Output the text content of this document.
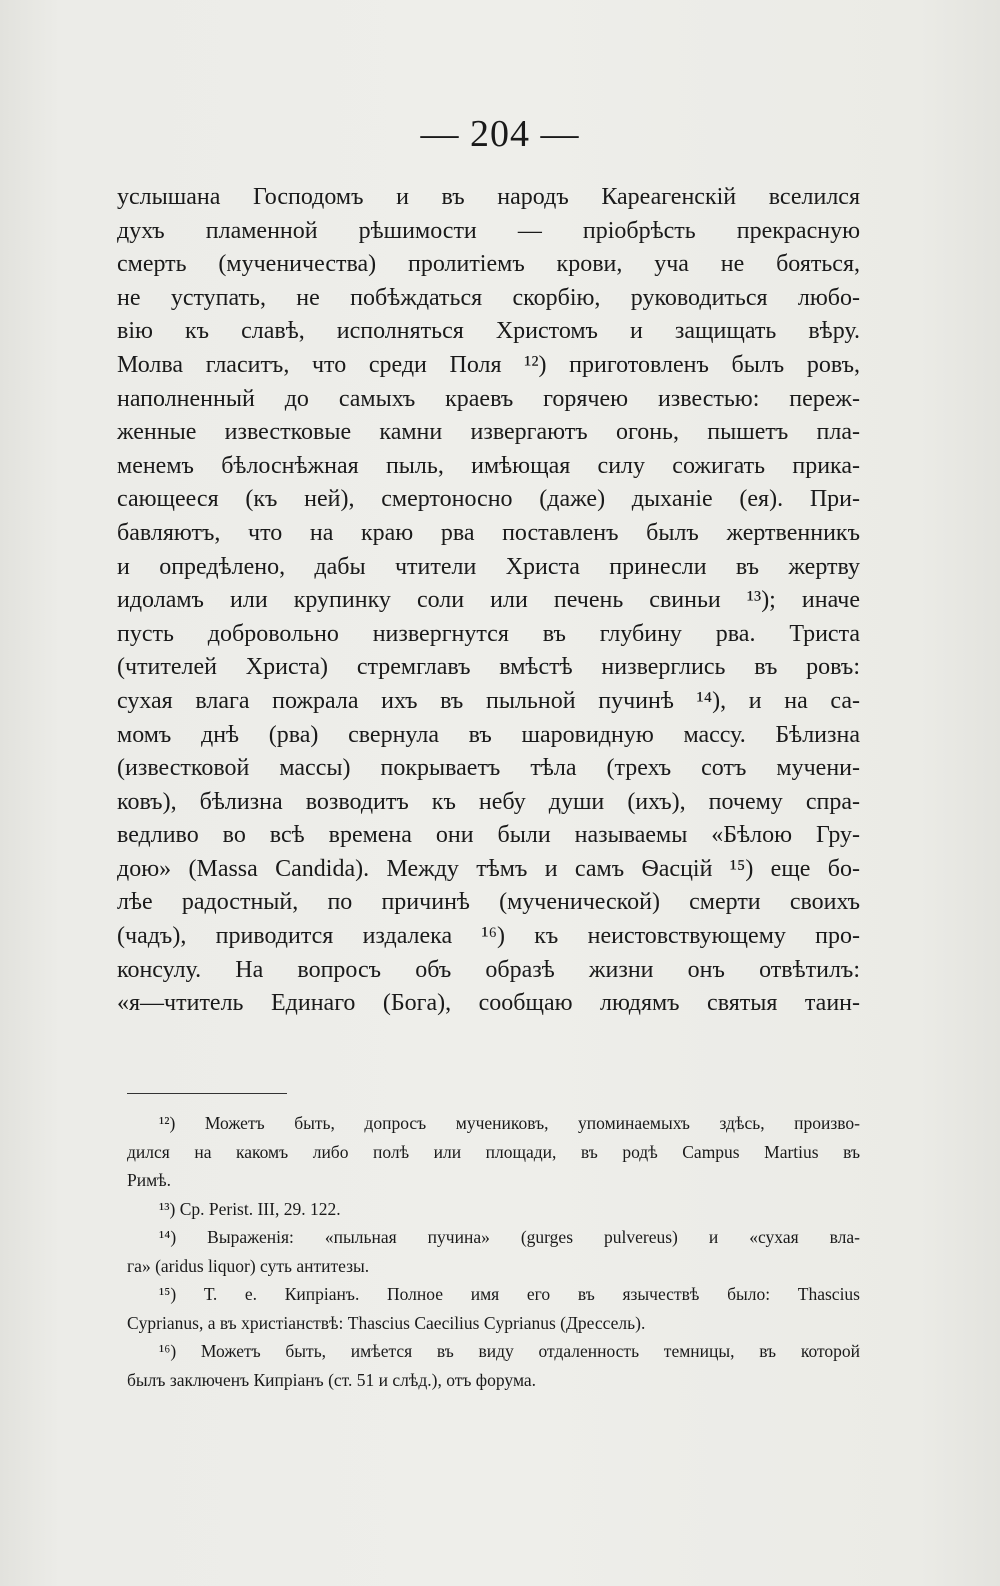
— 204 —
услышана Господомъ и въ народъ Кареагенскій вселился
духъ пламенной рѣшимости — пріобрѣсть прекрасную
смерть (мученичества) пролитіемъ крови, уча не бояться,
не уступать, не побѣждаться скорбію, руководиться любо-
вію къ славѣ, исполняться Христомъ и защищать вѣру.
Молва гласитъ, что среди Поля ¹²) приготовленъ былъ ровъ,
наполненный до самыхъ краевъ горячею известью: переж-
женные известковые камни извергаютъ огонь, пышетъ пла-
менемъ бѣлоснѣжная пыль, имѣющая силу сожигать прика-
сающееся (къ ней), смертоносно (даже) дыханіе (ея). При-
бавляютъ, что на краю рва поставленъ былъ жертвенникъ
и опредѣлено, дабы чтители Христа принесли въ жертву
идоламъ или крупинку соли или печень свиньи ¹³); иначе
пусть добровольно низвергнутся въ глубину рва. Триста
(чтителей Христа) стремглавъ вмѣстѣ низверглись въ ровъ:
сухая влага пожрала ихъ въ пыльной пучинѣ ¹⁴), и на са-
момъ днѣ (рва) свернула въ шаровидную массу. Бѣлизна
(известковой массы) покрываетъ тѣла (трехъ сотъ мучени-
ковъ), бѣлизна возводитъ къ небу души (ихъ), почему спра-
ведливо во всѣ времена они были называемы «Бѣлою Гру-
дою» (Massa Candida). Между тѣмъ и самъ Ѳасцій ¹⁵) еще бо-
лѣе радостный, по причинѣ (мученической) смерти своихъ
(чадъ), приводится издалека ¹⁶) къ неистовствующему про-
консулу. На вопросъ объ образѣ жизни онъ отвѣтилъ:
«я—чтитель Единаго (Бога), сообщаю людямъ святыя таин-
¹²) Можетъ быть, допросъ мучениковъ, упоминаемыхъ здѣсь, произво-
дился на какомъ либо полѣ или площади, въ родѣ Campus Martius въ
Римѣ.
¹³) Ср. Perist. III, 29. 122.
¹⁴) Выраженія: «пыльная пучина» (gurges pulvereus) и «сухая вла-
га» (aridus liquor) суть антитезы.
¹⁵) Т. е. Кипріанъ. Полное имя его въ язычествѣ было: Thascius
Cyprianus, а въ христіанствѣ: Thascius Caecilius Cyprianus (Дрессель).
¹⁶) Можетъ быть, имѣется въ виду отдаленность темницы, въ которой
былъ заключенъ Кипріанъ (ст. 51 и слѣд.), отъ форума.
